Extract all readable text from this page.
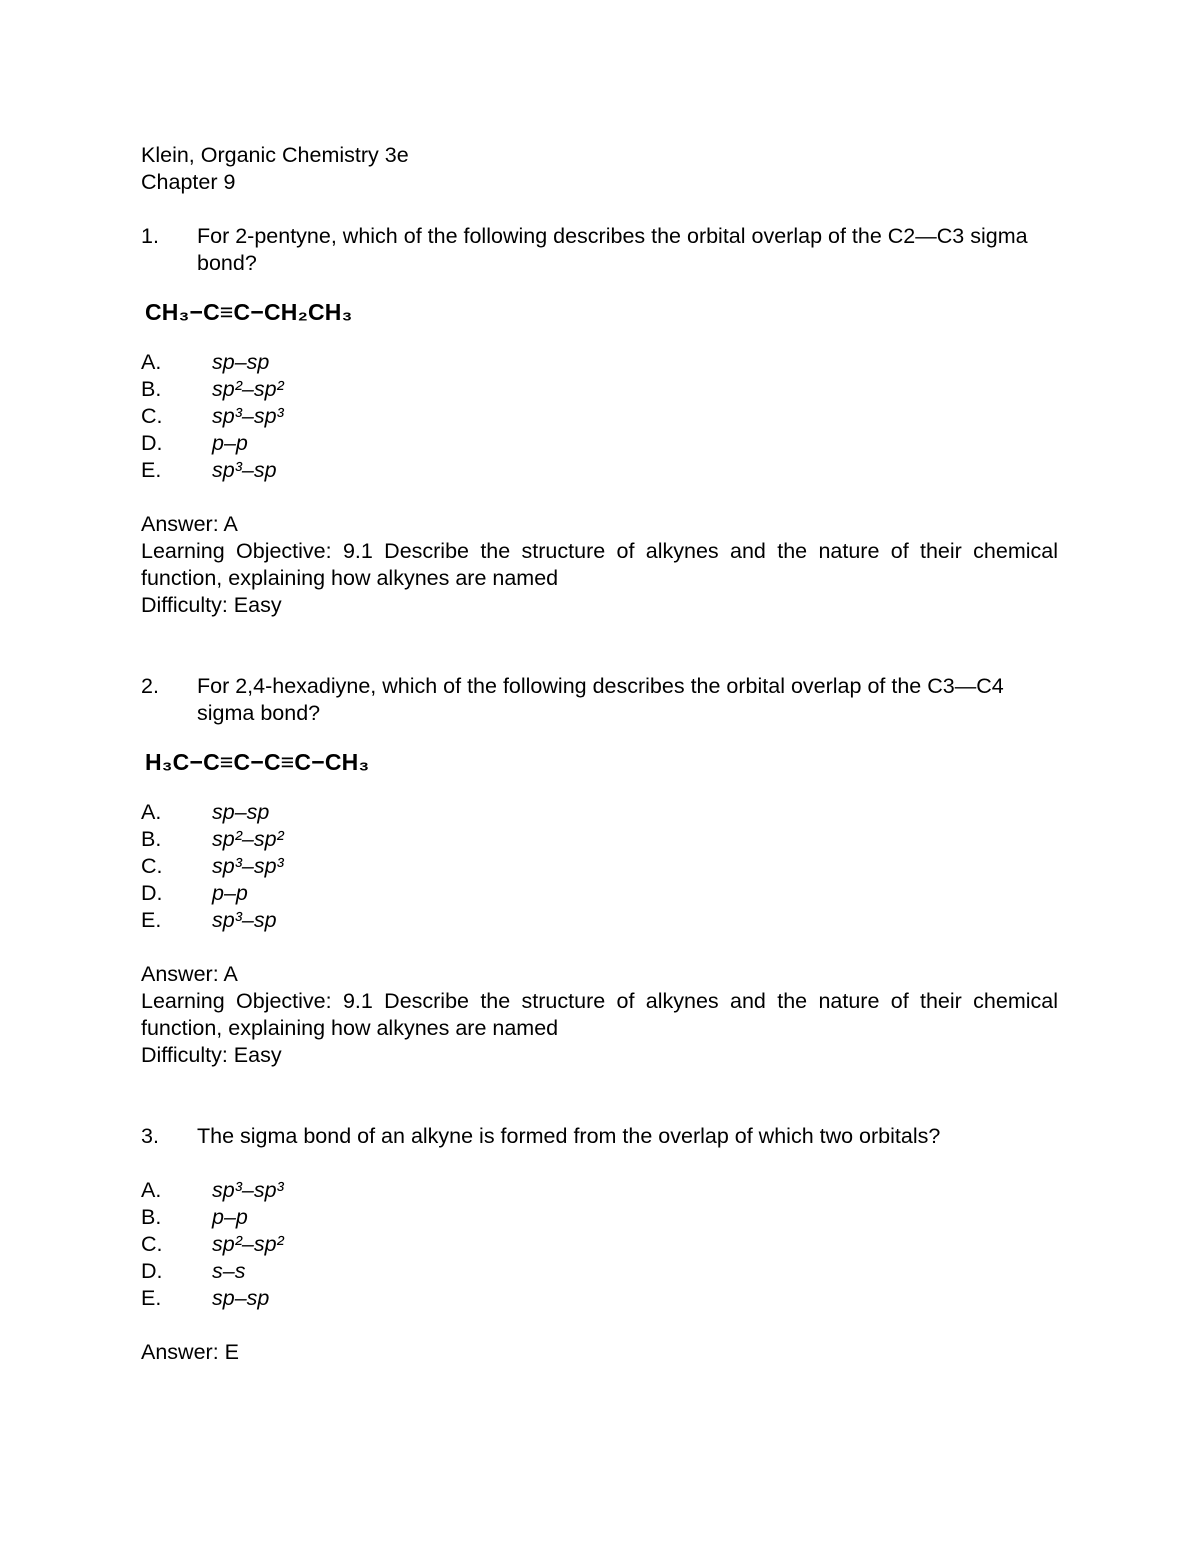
Klein, Organic Chemistry 3e
Chapter 9
1.	For 2-pentyne, which of the following describes the orbital overlap of the C2—C3 sigma bond?
CH₃−C≡C−CH₂CH₃
A.	sp–sp
B.	sp²–sp²
C.	sp³–sp³
D.	p–p
E.	sp³–sp
Answer: A
Learning Objective: 9.1 Describe the structure of alkynes and the nature of their chemical function, explaining how alkynes are named
Difficulty: Easy
2.	For 2,4-hexadiyne, which of the following describes the orbital overlap of the C3—C4 sigma bond?
H₃C−C≡C−C≡C−CH₃
A.	sp–sp
B.	sp²–sp²
C.	sp³–sp³
D.	p–p
E.	sp³–sp
Answer: A
Learning Objective: 9.1 Describe the structure of alkynes and the nature of their chemical function, explaining how alkynes are named
Difficulty: Easy
3.	The sigma bond of an alkyne is formed from the overlap of which two orbitals?
A.	sp³–sp³
B.	p–p
C.	sp²–sp²
D.	s–s
E.	sp–sp
Answer: E
